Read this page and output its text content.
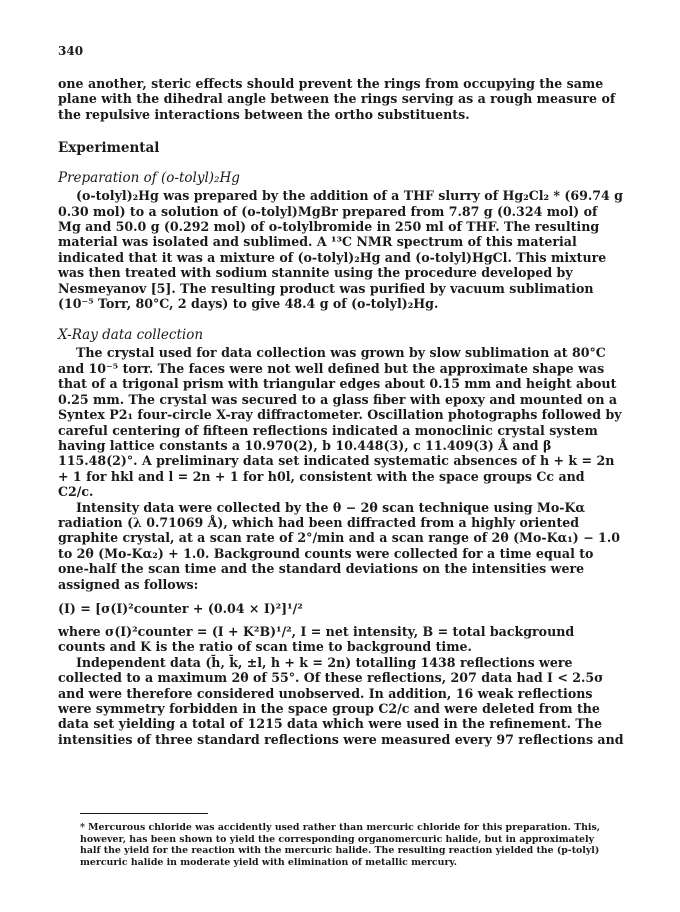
340

one another, steric effects should prevent the rings from occupying the same plane with the dihedral angle between the rings serving as a rough measure of the repulsive interactions between the ortho substituents.

Experimental
Preparation of (o-tolyl)₂Hg

(o-tolyl)₂Hg was prepared by the addition of a THF slurry of Hg₂Cl₂ * (69.74 g 0.30 mol) to a solution of (o-tolyl)MgBr prepared from 7.87 g (0.324 mol) of Mg and 50.0 g (0.292 mol) of o-tolylbromide in 250 ml of THF. The resulting material was isolated and sublimed. A ¹³C NMR spectrum of this material indicated that it was a mixture of (o-tolyl)₂Hg and (o-tolyl)HgCl. This mixture was then treated with sodium stannite using the procedure developed by Nesmeyanov [5]. The resulting product was purified by vacuum sublimation (10⁻⁵ Torr, 80°C, 2 days) to give 48.4 g of (o-tolyl)₂Hg.

X-Ray data collection

The crystal used for data collection was grown by slow sublimation at 80°C and 10⁻⁵ torr. The faces were not well defined but the approximate shape was that of a trigonal prism with triangular edges about 0.15 mm and height about 0.25 mm. The crystal was secured to a glass fiber with epoxy and mounted on a Syntex P2₁ four-circle X-ray diffractometer. Oscillation photographs followed by careful centering of fifteen reflections indicated a monoclinic crystal system having lattice constants a 10.970(2), b 10.448(3), c 11.409(3) Å and β 115.48(2)°. A preliminary data set indicated systematic absences of h + k = 2n + 1 for hkl and l = 2n + 1 for h0l, consistent with the space groups Cc and C2/c.

Intensity data were collected by the θ − 2θ scan technique using Mo-Kα radiation (λ 0.71069 Å), which had been diffracted from a highly oriented graphite crystal, at a scan rate of 2°/min and a scan range of 2θ (Mo-Kα₁) − 1.0 to 2θ (Mo-Kα₂) + 1.0. Background counts were collected for a time equal to one-half the scan time and the standard deviations on the intensities were assigned as follows:

(I) = [σ(I)²counter + (0.04 × I)²]¹/²

where σ(I)²counter = (I + K²B)¹/², I = net intensity, B = total background counts and K is the ratio of scan time to background time.

Independent data (h̄, k̄, ±l, h + k = 2n) totalling 1438 reflections were collected to a maximum 2θ of 55°. Of these reflections, 207 data had I < 2.5σ and were therefore considered unobserved. In addition, 16 weak reflections were symmetry forbidden in the space group C2/c and were deleted from the data set yielding a total of 1215 data which were used in the refinement. The intensities of three standard reflections were measured every 97 reflections and

* Mercurous chloride was accidently used rather than mercuric chloride for this preparation. This, however, has been shown to yield the corresponding organomercuric halide, but in approximately half the yield for the reaction with the mercuric halide. The resulting reaction yielded the (p-tolyl) mercuric halide in moderate yield with elimination of metallic mercury.
